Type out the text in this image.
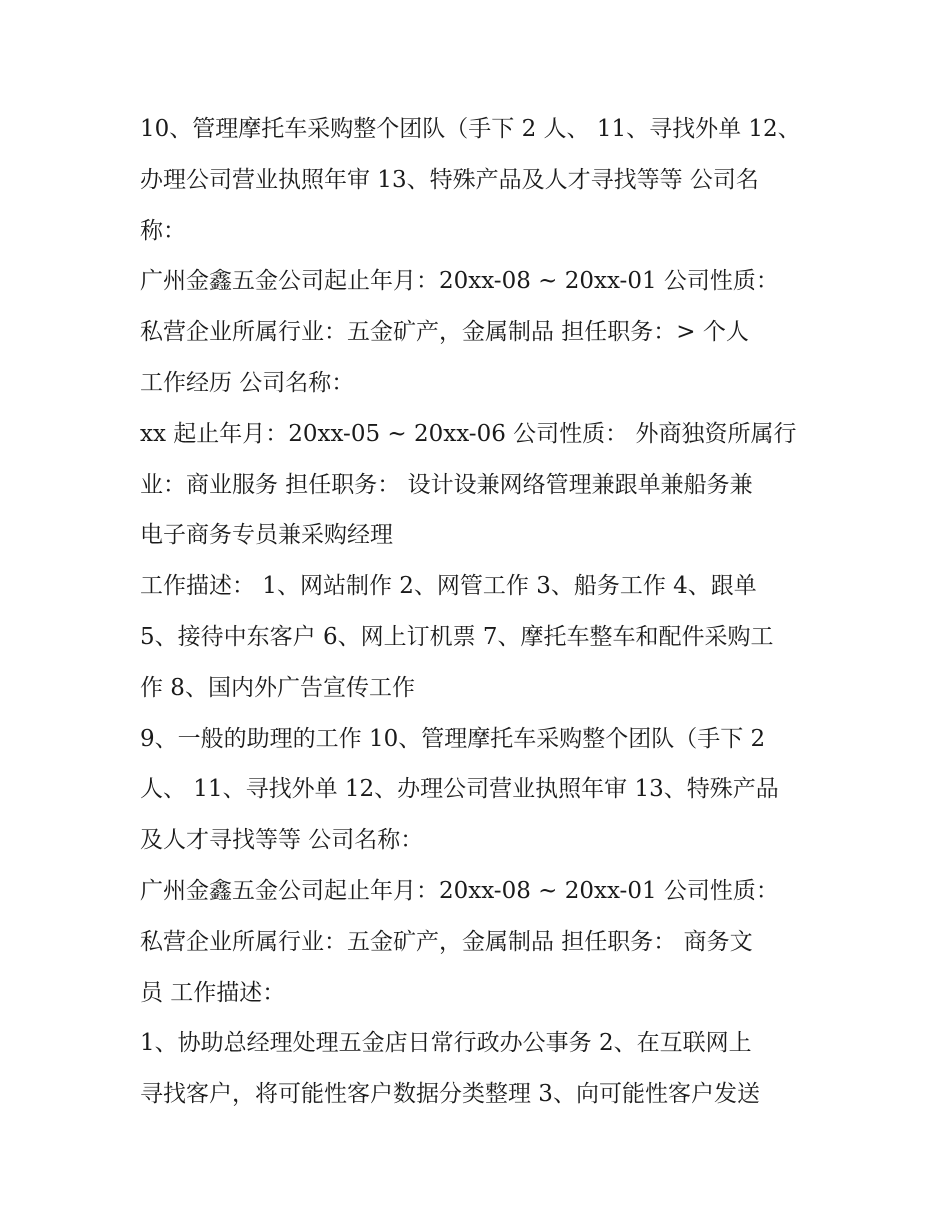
10、管理摩托车采购整个团队（手下 2 人、 11、寻找外单 12、
办理公司营业执照年审 13、特殊产品及人才寻找等等 公司名
称：
广州金鑫五金公司起止年月：20xx-08 ~ 20xx-01 公司性质：
私营企业所属行业：五金矿产，金属制品 担任职务：> 个人
工作经历 公司名称：
xx 起止年月：20xx-05 ~ 20xx-06 公司性质： 外商独资所属行
业：商业服务 担任职务： 设计设兼网络管理兼跟单兼船务兼
电子商务专员兼采购经理
工作描述： 1、网站制作 2、网管工作 3、船务工作 4、跟单
5、接待中东客户 6、网上订机票 7、摩托车整车和配件采购工
作 8、国内外广告宣传工作
9、一般的助理的工作 10、管理摩托车采购整个团队（手下 2
人、 11、寻找外单 12、办理公司营业执照年审 13、特殊产品
及人才寻找等等 公司名称：
广州金鑫五金公司起止年月：20xx-08 ~ 20xx-01 公司性质：
私营企业所属行业：五金矿产，金属制品 担任职务： 商务文
员 工作描述：
1、协助总经理处理五金店日常行政办公事务 2、在互联网上
寻找客户，将可能性客户数据分类整理 3、向可能性客户发送
